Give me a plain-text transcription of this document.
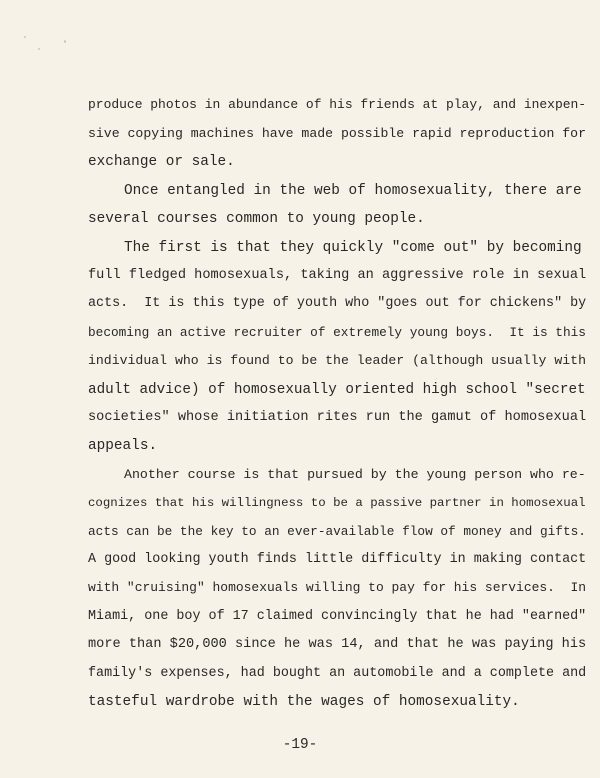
produce photos in abundance of his friends at play, and inexpen-
sive copying machines have made possible rapid reproduction for
exchange or sale.
Once entangled in the web of homosexuality, there are
several courses common to young people.
The first is that they quickly "come out" by becoming
full fledged homosexuals, taking an aggressive role in sexual
acts.  It is this type of youth who "goes out for chickens" by
becoming an active recruiter of extremely young boys.  It is this
individual who is found to be the leader (although usually with
adult advice) of homosexually oriented high school "secret
societies" whose initiation rites run the gamut of homosexual
appeals.
Another course is that pursued by the young person who re-
cognizes that his willingness to be a passive partner in homosexual
acts can be the key to an ever-available flow of money and gifts.
A good looking youth finds little difficulty in making contact
with "cruising" homosexuals willing to pay for his services.  In
Miami, one boy of 17 claimed convincingly that he had "earned"
more than $20,000 since he was 14, and that he was paying his
family's expenses, had bought an automobile and a complete and
tasteful wardrobe with the wages of homosexuality.
-19-
